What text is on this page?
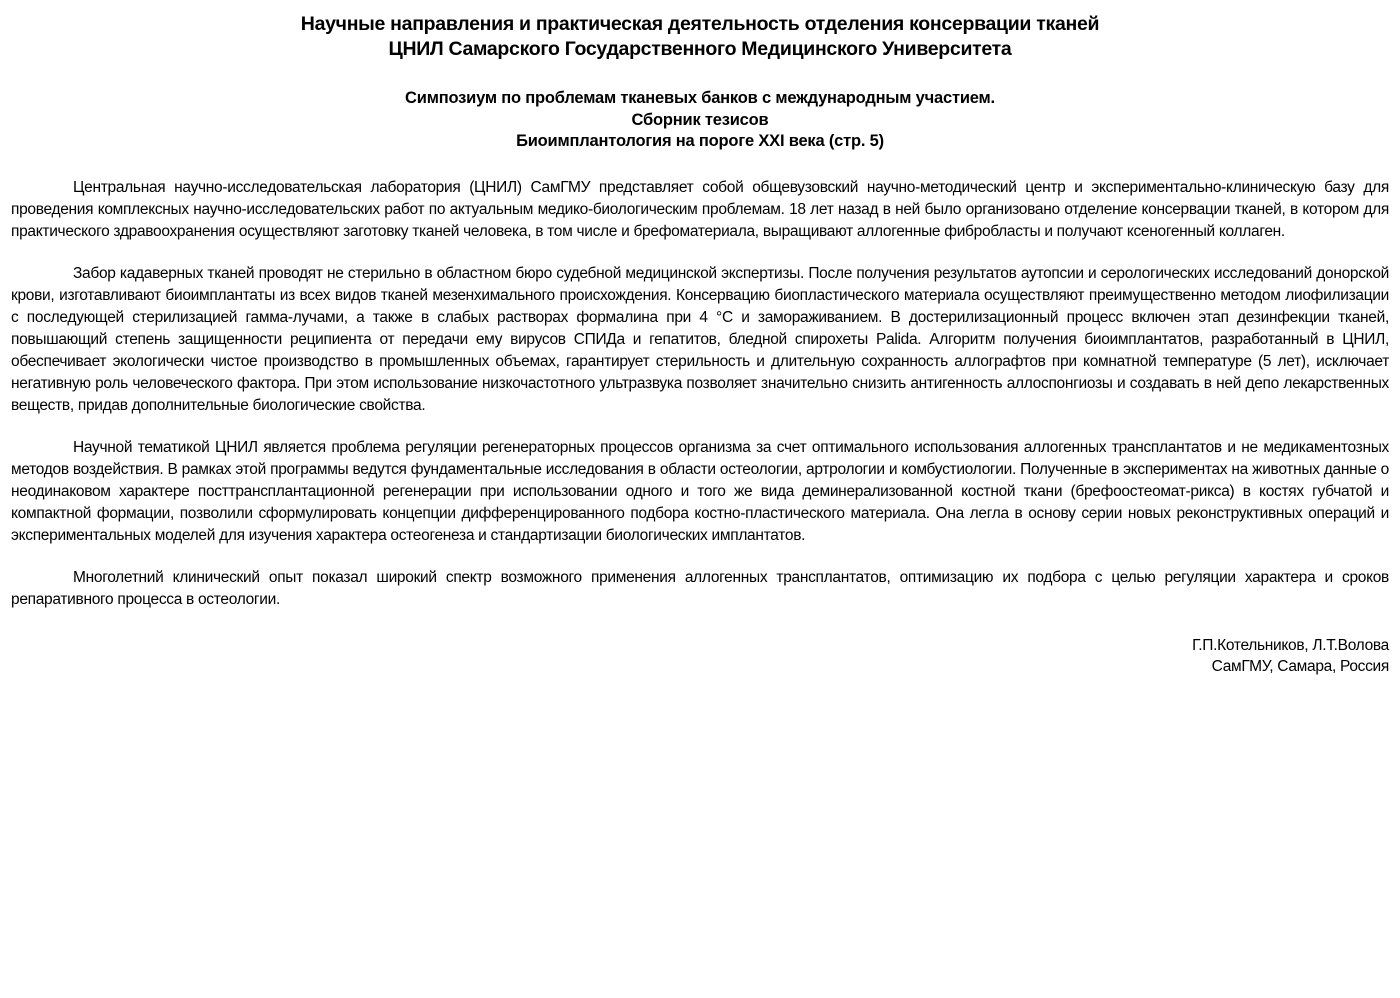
Научные направления и практическая деятельность отделения консервации тканей
ЦНИЛ Самарского Государственного Медицинского Университета
Симпозиум по проблемам тканевых банков с международным участием.
Сборник тезисов
Биоимплантология на пороге XXI века (стр. 5)

Центральная научно-исследовательская лаборатория (ЦНИЛ) СамГМУ представляет собой общевузовский научно-методический центр и экспериментально-клиническую базу для проведения комплексных научно-исследовательских работ по актуальным медико-биологическим проблемам. 18 лет назад в ней было организовано отделение консервации тканей, в котором для практического здравоохранения осуществляют заготовку тканей человека, в том числе и брефоматериала, выращивают аллогенные фибробласты и получают ксеногенный коллаген.

Забор кадаверных тканей проводят не стерильно в областном бюро судебной медицинской экспертизы. После получения результатов аутопсии и серологических исследований донорской крови, изготавливают биоимплантаты из всех видов тканей мезенхимального происхождения. Консервацию биопластического материала осуществляют преимущественно методом лиофилизации с последующей стерилизацией гамма-лучами, а также в слабых растворах формалина при 4 °С и замораживанием. В достерилизационный процесс включен этап дезинфекции тканей, повышающий степень защищенности реципиента от передачи ему вирусов СПИДа и гепатитов, бледной спирохеты Palida. Алгоритм получения биоимплантатов, разработанный в ЦНИЛ, обеспечивает экологически чистое производство в промышленных объемах, гарантирует стерильность и длительную сохранность аллографтов при комнатной температуре (5 лет), исключает негативную роль человеческого фактора. При этом использование низкочастотного ультразвука позволяет значительно снизить антигенность аллоспонгиозы и создавать в ней депо лекарственных веществ, придав дополнительные биологические свойства.

Научной тематикой ЦНИЛ является проблема регуляции регенераторных процессов организма за счет оптимального использования аллогенных трансплантатов и не медикаментозных методов воздействия. В рамках этой программы ведутся фундаментальные исследования в области остеологии, артрологии и комбустиологии. Полученные в экспериментах на животных данные о неодинаковом характере посттрансплантационной регенерации при использовании одного и того же вида деминерализованной костной ткани (брефоостеомат-рикса) в костях губчатой и компактной формации, позволили сформулировать концепции дифференцированного подбора костно-пластического материала. Она легла в основу серии новых реконструктивных операций и экспериментальных моделей для изучения характера остеогенеза и стандартизации биологических имплантатов.

Многолетний клинический опыт показал широкий спектр возможного применения аллогенных трансплантатов, оптимизацию их подбора с целью регуляции характера и сроков репаративного процесса в остеологии.

Г.П.Котельников, Л.Т.Волова
СамГМУ, Самара, Россия
